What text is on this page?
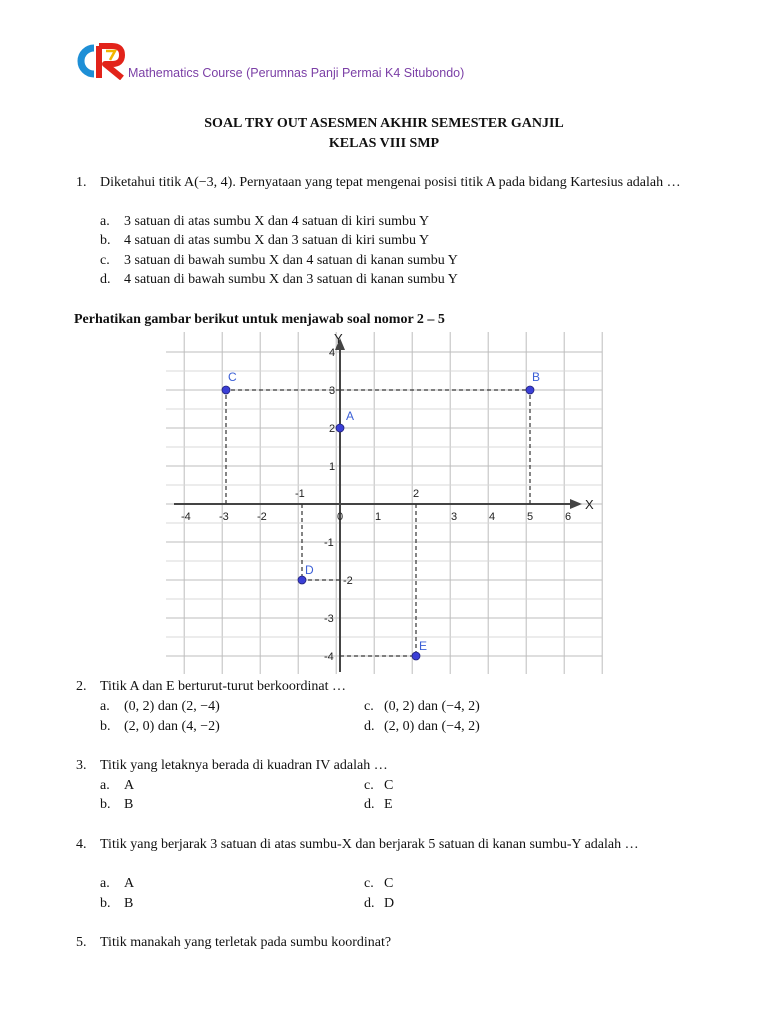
Mathematics Course (Perumnas Panji Permai K4 Situbondo)
SOAL TRY OUT ASESMEN AKHIR SEMESTER GANJIL
KELAS VIII SMP
1. Diketahui titik A(−3, 4). Pernyataan yang tepat mengenai posisi titik A pada bidang Kartesius adalah …
a. 3 satuan di atas sumbu X dan 4 satuan di kiri sumbu Y
b. 4 satuan di atas sumbu X dan 3 satuan di kiri sumbu Y
c. 3 satuan di bawah sumbu X dan 4 satuan di kanan sumbu Y
d. 4 satuan di bawah sumbu X dan 3 satuan di kanan sumbu Y
Perhatikan gambar berikut untuk menjawab soal nomor 2 – 5
X
Y
-4	-3	-2	0	1	3	4	5	6
-1	2
4
3
2
1
-1
-2
-3
-4
A
B
C
D
E
2. Titik A dan E berturut-turut berkoordinat …
a. (0, 2) dan (2, −4)
b. (2, 0) dan (4, −2)
c. (0, 2) dan (−4, 2)
d. (2, 0) dan (−4, 2)
3. Titik yang letaknya berada di kuadran IV adalah …
a. A
b. B
c. C
d. E
4. Titik yang berjarak 3 satuan di atas sumbu-X dan berjarak 5 satuan di kanan sumbu-Y adalah …
a. A
b. B
c. C
d. D
5. Titik manakah yang terletak pada sumbu koordinat?
